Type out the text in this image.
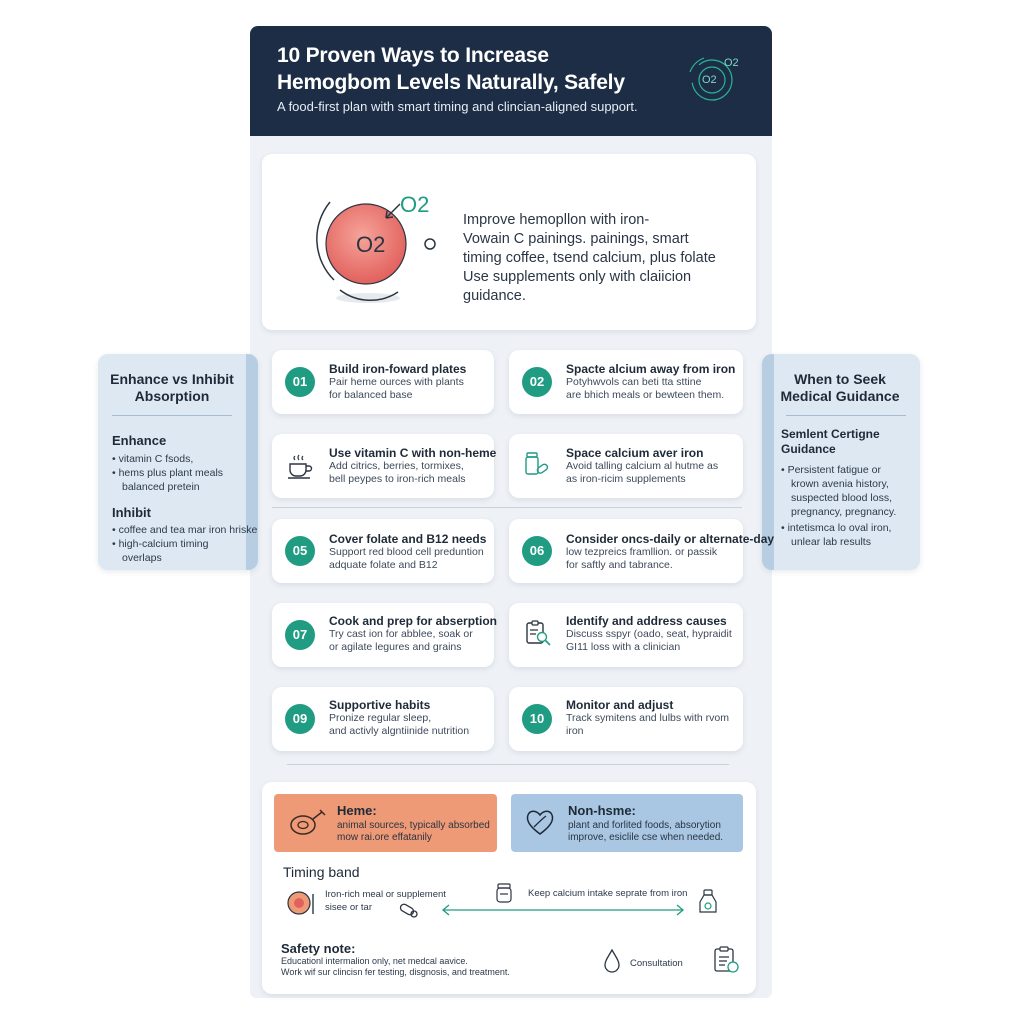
10 Proven Ways to Increase
Hemogbom Levels Naturally, Safely
A food-first plan with smart timing and clincian-aligned support.
O2
O2
O2
O2
Improve hemopllon with iron-
Vowain C painings. painings, smart
timing coffee, tsend calcium, plus folate
Use supplements only with claiicion
guidance.
Enhance vs Inhibit Absorption
Enhance
• vitamin C fsods,
• hems plus plant meals
balanced pretein
Inhibit
• coffee and tea mar iron hriske
• high-calcium timing
overlaps
When to Seek Medical Guidance
Semlent Certigne Guidance
• Persistent fatigue or
krown avenia history,
suspected blood loss,
pregnancy, pregnancy.
• intetismca lo oval iron,
unlear lab results
01
Build iron-foward plates
Pair heme ources with plants
for balanced base
02
Spacte alcium away from iron
Potyhwvols can beti tta sttine
are bhich meals or bewteen them.
Use vitamin C with non-heme
Add citrics, berries, tormixes,
bell peypes to iron-rich meals
Space calcium aver iron
Avoid talling calcium al hutme as
as iron-ricim supplements
05
Cover folate and B12 needs
Support red blood cell preduntion
adquate folate and B12
06
Consider oncs-daily or alternate-day
low tezpreics framllion. or passik
for saftly and tabrance.
07
Cook and prep for abserption
Try cast ion for abblee, soak or
or agilate legures and grains
Identify and address causes
Discuss sspyr (oado, seat, hypraidit
GI11 loss with a clinician
09
Supportive habits
Pronize regular sleep,
and activly algntiinide nutrition
10
Monitor and adjust
Track symitens and lulbs with rvom
iron
Heme:
animal sources, typically absorbed
mow rai.ore effatanily
Non-hsme:
plant and forlited foods, absorytion
improve, esiclile cse when needed.
Timing band
Iron-rich meal or supplement
sisee or tar
Keep calcium intake seprate from iron
Safety note:
Educationl intermalion only, net medcal aavice.
Work wif sur clincisn fer testing, disgnosis, and treatment.
Consultation
